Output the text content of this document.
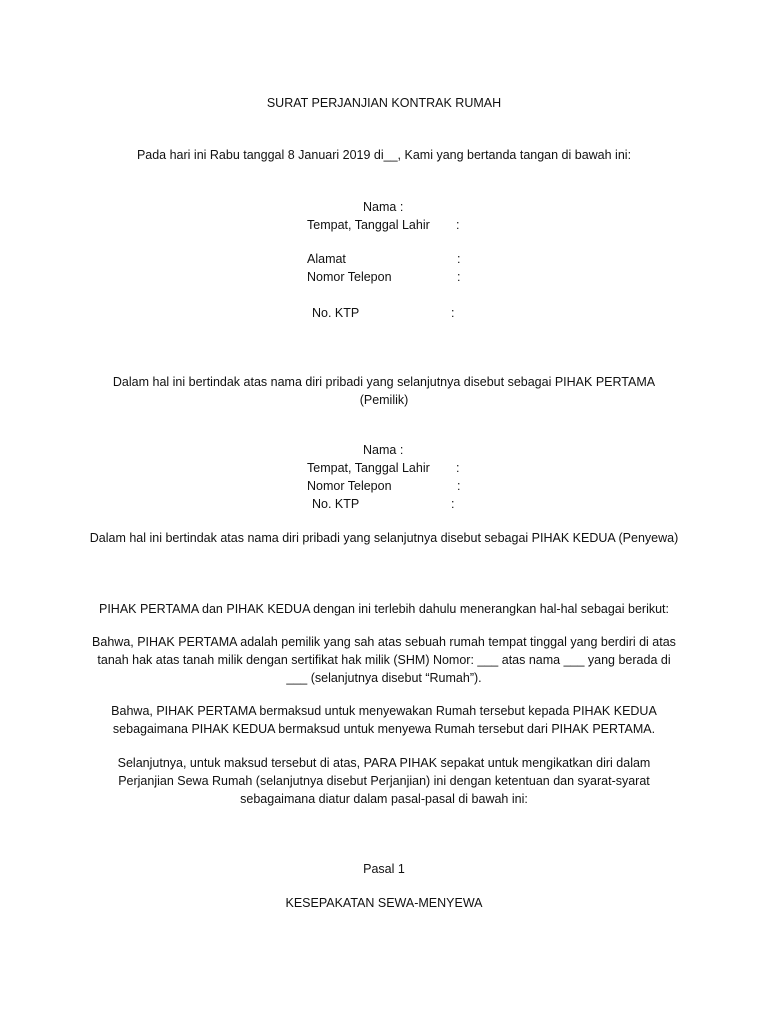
SURAT PERJANJIAN KONTRAK RUMAH
Pada hari ini Rabu tanggal 8 Januari 2019 di__, Kami yang bertanda tangan di bawah ini:
Nama :
Tempat, Tanggal Lahir :
Alamat	:
Nomor Telepon	:
No. KTP	:
Dalam hal ini bertindak atas nama diri pribadi yang selanjutnya disebut sebagai PIHAK PERTAMA
(Pemilik)
Nama :
Tempat, Tanggal Lahir :
Nomor Telepon	:
No. KTP	:
Dalam hal ini bertindak atas nama diri pribadi yang selanjutnya disebut sebagai PIHAK KEDUA (Penyewa)
PIHAK PERTAMA dan PIHAK KEDUA dengan ini terlebih dahulu menerangkan hal-hal sebagai berikut:
Bahwa, PIHAK PERTAMA adalah pemilik yang sah atas sebuah rumah tempat tinggal yang berdiri di atas
tanah hak atas tanah milik dengan sertifikat hak milik (SHM) Nomor: ___ atas nama ___ yang berada di
___ (selanjutnya disebut “Rumah”).
Bahwa, PIHAK PERTAMA bermaksud untuk menyewakan Rumah tersebut kepada PIHAK KEDUA
sebagaimana PIHAK KEDUA bermaksud untuk menyewa Rumah tersebut dari PIHAK PERTAMA.
Selanjutnya, untuk maksud tersebut di atas, PARA PIHAK sepakat untuk mengikatkan diri dalam
Perjanjian Sewa Rumah (selanjutnya disebut Perjanjian) ini dengan ketentuan dan syarat-syarat
sebagaimana diatur dalam pasal-pasal di bawah ini:
Pasal 1
KESEPAKATAN SEWA-MENYEWA
